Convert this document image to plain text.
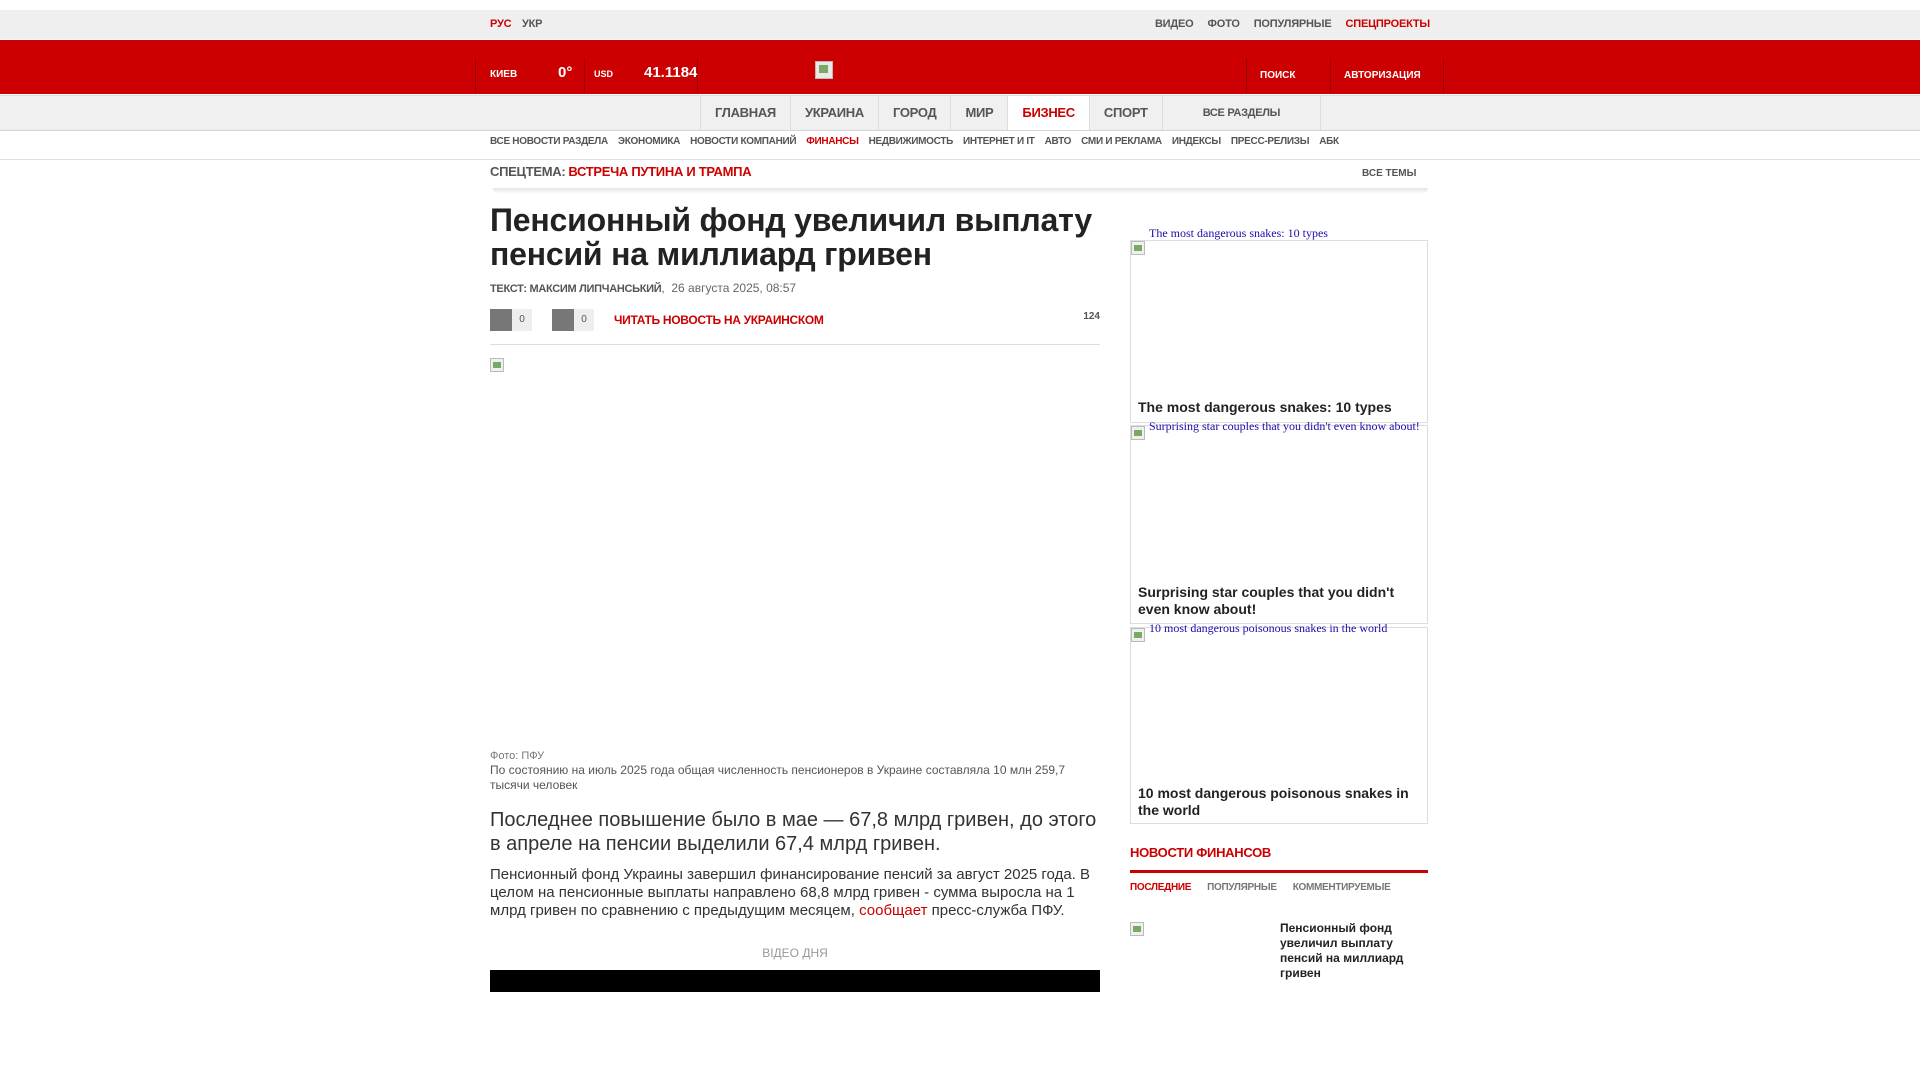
РУС УКР	ВИДЕО ФОТО ПОПУЛЯРНЫЕ СПЕЦПРОЕКТЫ
КИЕВ	0° USD 41.1184	ПОИСК	АВТОРИЗАЦИЯ
ГЛАВНАЯ	УКРАИНА	ГОРОД	МИР	БИЗНЕС	СПОРТ	ВСЕ РАЗДЕЛЫ
ВСЕ НОВОСТИ РАЗДЕЛА ЭКОНОМИКА НОВОСТИ КОМПАНИЙ ФИНАНСЫ НЕДВИЖИМОСТЬ ИНТЕРНЕТ И IT АВТО СМИ И РЕКЛАМА ИНДЕКСЫ ПРЕСС-РЕЛИЗЫ АБК
СПЕЦТЕМА: ВСТРЕЧА ПУТИНА И ТРАМПА	ВСЕ ТЕМЫ
Пенсионный фонд увеличил выплату пенсий на миллиард гривен
ТЕКСТ: МАКСИМ ЛИПЧАНСЬКИЙ,  26 августа 2025, 08:57
0	0	ЧИТАТЬ НОВОСТЬ НА УКРАИНСКОМ	124
Фото: ПФУ
По состоянию на июль 2025 года общая численность пенсионеров в Украине составляла 10 млн 259,7 тысячи человек
Последнее повышение было в мае — 67,8 млрд гривен, до этого в апреле на пенсии выделили 67,4 млрд гривен.
Пенсионный фонд Украины завершил финансирование пенсий за август 2025 года. В целом на пенсионные выплаты направлено 68,8 млрд гривен - сумма выросла на 1 млрд гривен по сравнению с предыдущим месяцем, сообщает пресс-служба ПФУ.
ВІДЕО ДНЯ
The most dangerous snakes: 10 types
The most dangerous snakes: 10 types
Surprising star couples that you didn't even know about!
Surprising star couples that you didn't even know about!
10 most dangerous poisonous snakes in the world
10 most dangerous poisonous snakes in the world
НОВОСТИ ФИНАНСОВ
ПОСЛЕДНИЕ ПОПУЛЯРНЫЕ КОММЕНТИРУЕМЫЕ
Пенсионный фонд увеличил выплату пенсий на миллиард гривен
